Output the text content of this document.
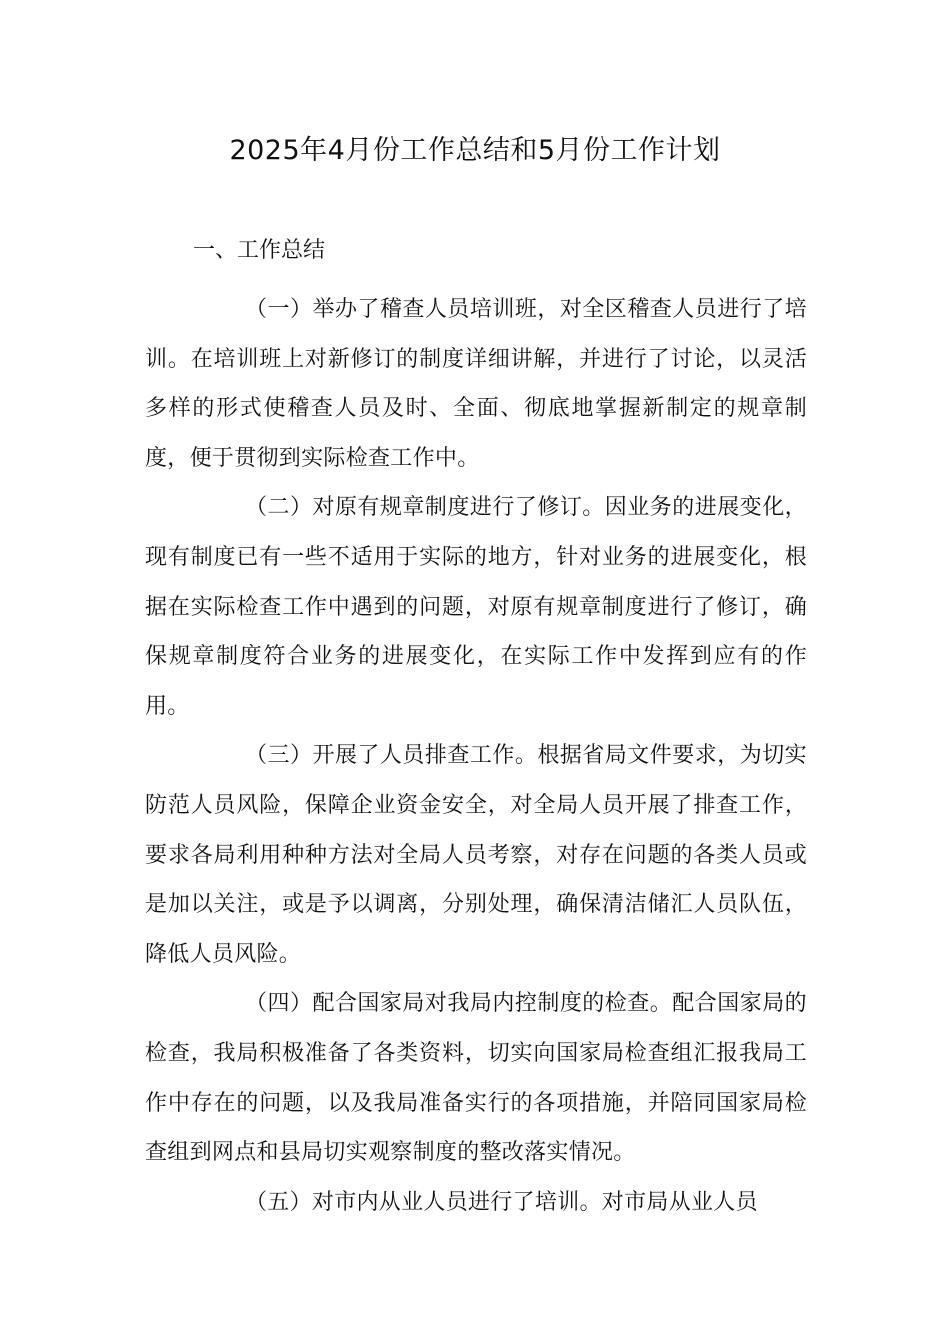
2025年4月份工作总结和5月份工作计划
一、工作总结

（一）举办了稽查人员培训班，对全区稽查人员进行了培训。在培训班上对新修订的制度详细讲解，并进行了讨论，以灵活多样的形式使稽查人员及时、全面、彻底地掌握新制定的规章制度，便于贯彻到实际检查工作中。

（二）对原有规章制度进行了修订。因业务的进展变化，现有制度已有一些不适用于实际的地方，针对业务的进展变化，根据在实际检查工作中遇到的问题，对原有规章制度进行了修订，确保规章制度符合业务的进展变化，在实际工作中发挥到应有的作用。

（三）开展了人员排查工作。根据省局文件要求，为切实防范人员风险，保障企业资金安全，对全局人员开展了排查工作，要求各局利用种种方法对全局人员考察，对存在问题的各类人员或是加以关注，或是予以调离，分别处理，确保清洁储汇人员队伍，降低人员风险。

（四）配合国家局对我局内控制度的检查。配合国家局的检查，我局积极准备了各类资料，切实向国家局检查组汇报我局工作中存在的问题，以及我局准备实行的各项措施，并陪同国家局检查组到网点和县局切实观察制度的整改落实情况。

（五）对市内从业人员进行了培训。对市局从业人员
